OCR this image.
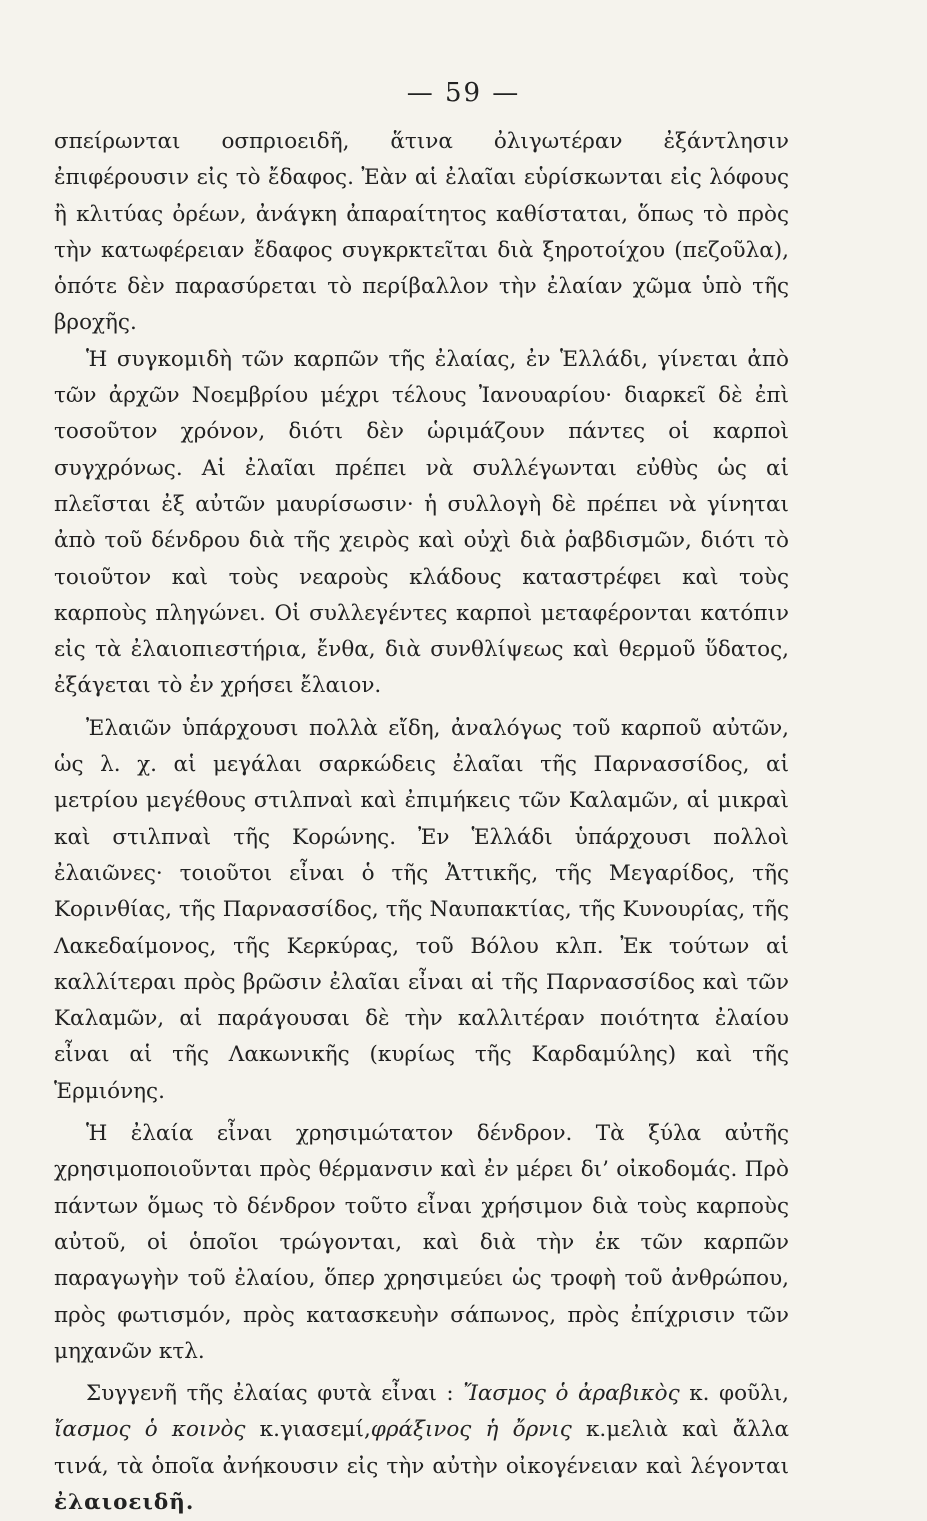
— 59 —

σπείρωνται οσπριοειδῆ, ἅτινα ὀλιγωτέραν ἐξάντλησιν ἐπιφέρουσιν εἰς τὸ ἔδαφος. Ἐὰν αἱ ἐλαῖαι εὑρίσκωνται εἰς λόφους ἢ κλιτύας ὀρέων, ἀνάγκη ἀπαραίτητος καθίσταται, ὅπως τὸ πρὸς τὴν κατωφέρειαν ἔδαφος συγκρκτεῖται διὰ ξηροτοίχου (πεζοῦλα), ὁπότε δὲν παρασύρεται τὸ περίβαλλον τὴν ἐλαίαν χῶμα ὑπὸ τῆς βροχῆς.

Ἡ συγκομιδὴ τῶν καρπῶν τῆς ἐλαίας, ἐν Ἑλλάδι, γίνεται ἀπὸ τῶν ἀρχῶν Νοεμβρίου μέχρι τέλους Ἰανουαρίου· διαρκεῖ δὲ ἐπὶ τοσοῦτον χρόνον, διότι δὲν ὡριμάζουν πάντες οἱ καρποὶ συγχρόνως. Αἱ ἐλαῖαι πρέπει νὰ συλλέγωνται εὐθὺς ὡς αἱ πλεῖσται ἐξ αὐτῶν μαυρίσωσιν· ἡ συλλογὴ δὲ πρέπει νὰ γίνηται ἀπὸ τοῦ δένδρου διὰ τῆς χειρὸς καὶ οὐχὶ διὰ ῥαβδισμῶν, διότι τὸ τοιοῦτον καὶ τοὺς νεαροὺς κλάδους καταστρέφει καὶ τοὺς καρποὺς πληγώνει. Οἱ συλλεγέντες καρποὶ μεταφέρονται κατόπιν εἰς τὰ ἐλαιοπιεστήρια, ἔνθα, διὰ συνθλίψεως καὶ θερμοῦ ὕδατος, ἐξάγεται τὸ ἐν χρήσει ἔλαιον.

Ἐλαιῶν ὑπάρχουσι πολλὰ εἴδη, ἀναλόγως τοῦ καρποῦ αὐτῶν, ὡς λ. χ. αἱ μεγάλαι σαρκώδεις ἐλαῖαι τῆς Παρνασσίδος, αἱ μετρίου μεγέθους στιλπναὶ καὶ ἐπιμήκεις τῶν Καλαμῶν, αἱ μικραὶ καὶ στιλπναὶ τῆς Κορώνης. Ἐν Ἑλλάδι ὑπάρχουσι πολλοὶ ἐλαιῶνες· τοιοῦτοι εἶναι ὁ τῆς Ἀττικῆς, τῆς Μεγαρίδος, τῆς Κορινθίας, τῆς Παρνασσίδος, τῆς Ναυπακτίας, τῆς Κυνουρίας, τῆς Λακεδαίμονος, τῆς Κερκύρας, τοῦ Βόλου κλπ. Ἐκ τούτων αἱ καλλίτεραι πρὸς βρῶσιν ἐλαῖαι εἶναι αἱ τῆς Παρνασσίδος καὶ τῶν Καλαμῶν, αἱ παράγουσαι δὲ τὴν καλλιτέραν ποιότητα ἐλαίου εἶναι αἱ τῆς Λακωνικῆς (κυρίως τῆς Καρδαμύλης) καὶ τῆς Ἑρμιόνης.

Ἡ ἐλαία εἶναι χρησιμώτατον δένδρον. Τὰ ξύλα αὐτῆς χρησιμοποιοῦνται πρὸς θέρμανσιν καὶ ἐν μέρει δι’ οἰκοδομάς. Πρὸ πάντων ὅμως τὸ δένδρον τοῦτο εἶναι χρήσιμον διὰ τοὺς καρποὺς αὐτοῦ, οἱ ὁποῖοι τρώγονται, καὶ διὰ τὴν ἐκ τῶν καρπῶν παραγωγὴν τοῦ ἐλαίου, ὅπερ χρησιμεύει ὡς τροφὴ τοῦ ἀνθρώπου, πρὸς φωτισμόν, πρὸς κατασκευὴν σάπωνος, πρὸς ἐπίχρισιν τῶν μηχανῶν κτλ.

Συγγενῆ τῆς ἐλαίας φυτὰ εἶναι : Ἴασμος ὁ ἀραβικὸς κ. φοῦλι, ἴασμος ὁ κοινὸς κ.γιασεμί,φράξινος ἡ ὄρνις κ.μελιὰ καὶ ἄλλα τινά, τὰ ὁποῖα ἀνήκουσιν εἰς τὴν αὐτὴν οἰκογένειαν καὶ λέγονται ἐλαιοειδῆ.
